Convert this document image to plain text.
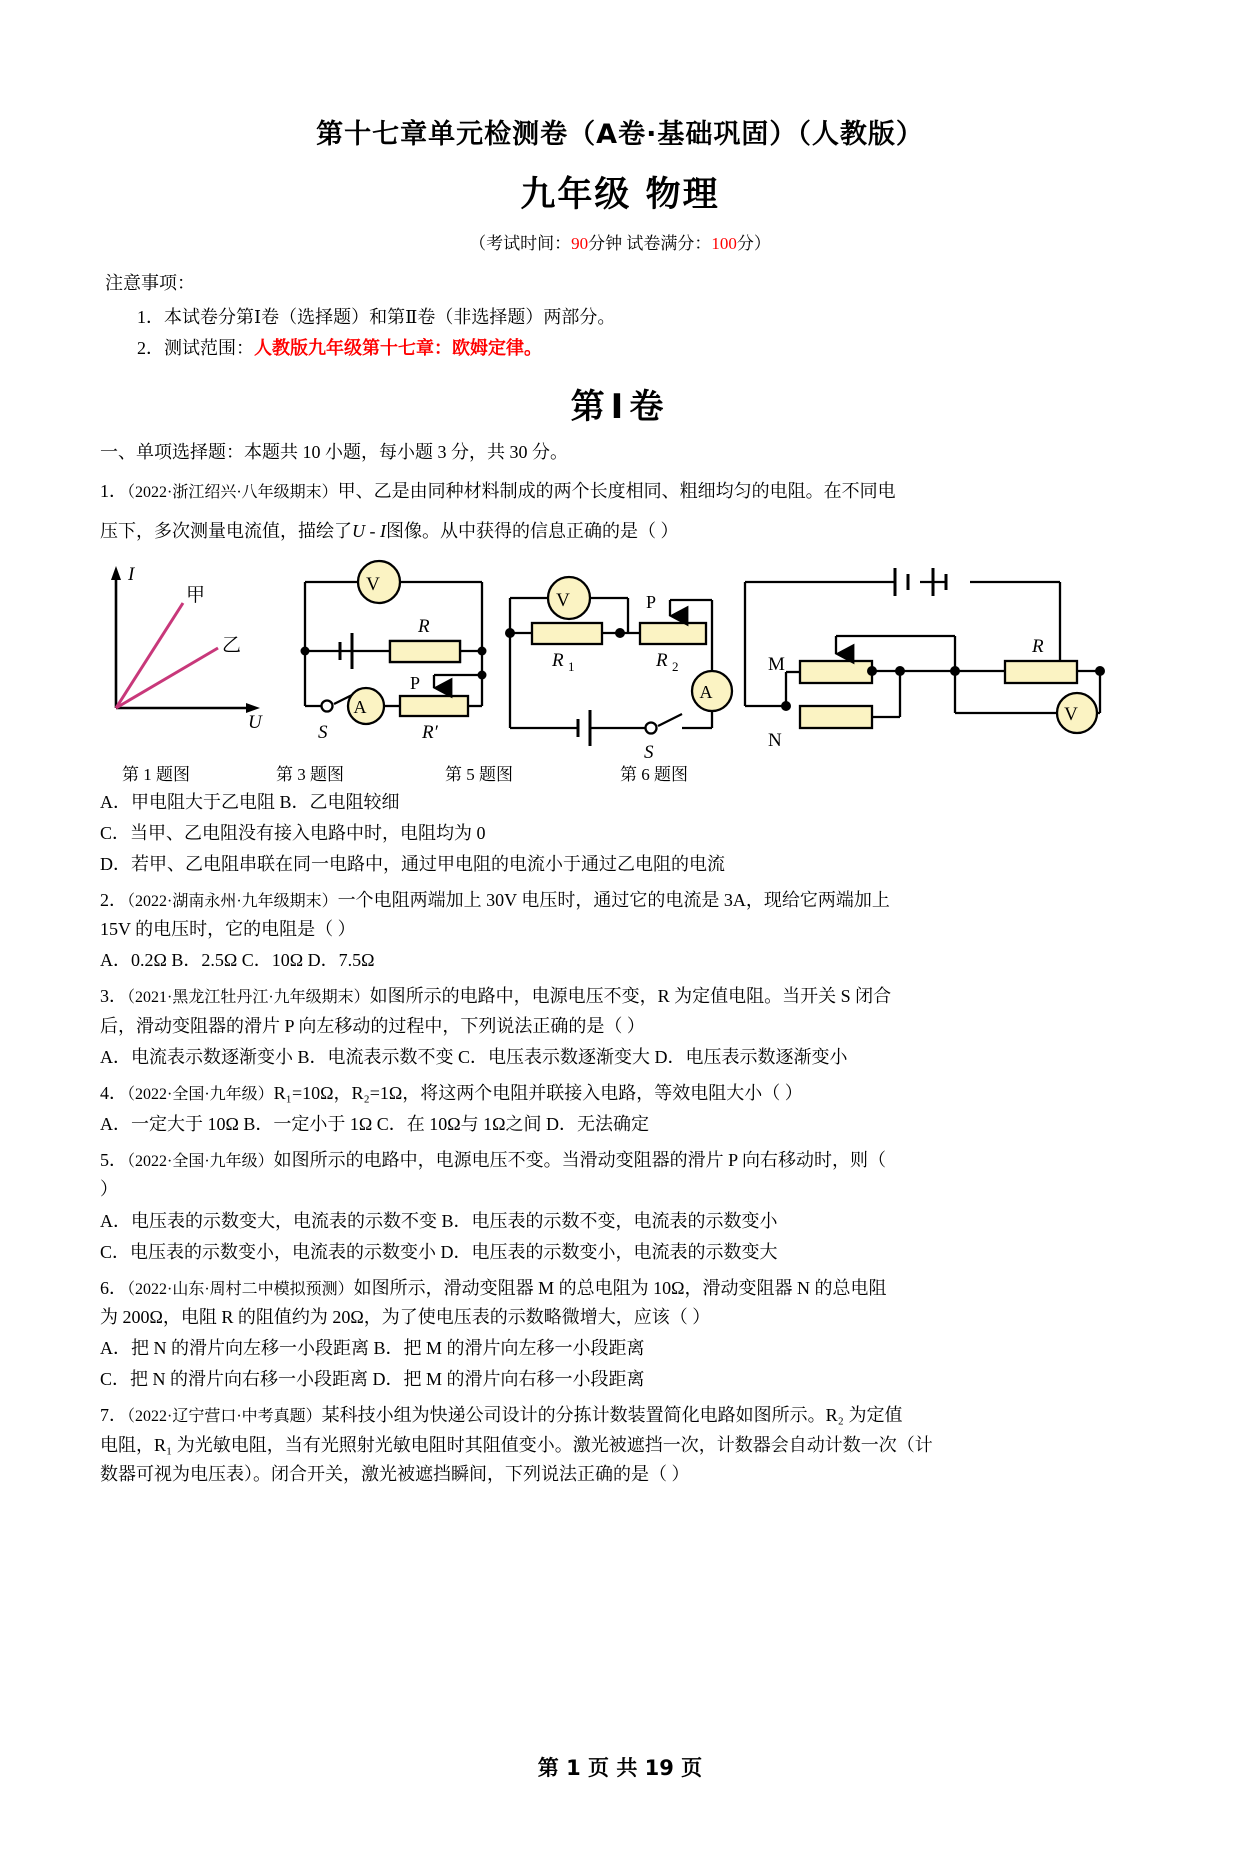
第十七章单元检测卷（A卷·基础巩固）（人教版）
九年级 物理
（考试时间：90分钟 试卷满分：100分）
注意事项：
1．本试卷分第Ⅰ卷（选择题）和第Ⅱ卷（非选择题）两部分。
2．测试范围：人教版九年级第十七章：欧姆定律。
第Ⅰ卷
一、单项选择题：本题共 10 小题，每小题 3 分，共 30 分。
1．（2022·浙江绍兴·八年级期末）甲、乙是由同种材料制成的两个长度相同、粗细均匀的电阻。在不同电
压下，多次测量电流值，描绘了U - I图像。从中获得的信息正确的是（ ）
I
U
甲
乙
V
A
R
R′
P
S
V
A
R 1	R 2
P
S
M
N
R
V
第 1 题图	第 3 题图	第 5 题图	第 6 题图
A．甲电阻大于乙电阻 B．乙电阻较细
C．当甲、乙电阻没有接入电路中时，电阻均为 0
D．若甲、乙电阻串联在同一电路中，通过甲电阻的电流小于通过乙电阻的电流
2．（2022·湖南永州·九年级期末）一个电阻两端加上 30V 电压时，通过它的电流是 3A，现给它两端加上
15V 的电压时，它的电阻是（ ）
A．0.2Ω B．2.5Ω C．10Ω D．7.5Ω
3．（2021·黑龙江牡丹江·九年级期末）如图所示的电路中，电源电压不变，R 为定值电阻。当开关 S 闭合
后，滑动变阻器的滑片 P 向左移动的过程中，下列说法正确的是（ ）
A．电流表示数逐渐变小 B．电流表示数不变 C．电压表示数逐渐变大 D．电压表示数逐渐变小
4．（2022·全国·九年级）R₁=10Ω，R₂=1Ω，将这两个电阻并联接入电路，等效电阻大小（ ）
A．一定大于 10Ω B．一定小于 1Ω C．在 10Ω与 1Ω之间 D．无法确定
5．（2022·全国·九年级）如图所示的电路中，电源电压不变。当滑动变阻器的滑片 P 向右移动时，则（
）
A．电压表的示数变大，电流表的示数不变 B．电压表的示数不变，电流表的示数变小
C．电压表的示数变小，电流表的示数变小 D．电压表的示数变小，电流表的示数变大
6．（2022·山东·周村二中模拟预测）如图所示，滑动变阻器 M 的总电阻为 10Ω，滑动变阻器 N 的总电阻
为 200Ω，电阻 R 的阻值约为 20Ω，为了使电压表的示数略微增大，应该（ ）
A．把 N 的滑片向左移一小段距离 B．把 M 的滑片向左移一小段距离
C．把 N 的滑片向右移一小段距离 D．把 M 的滑片向右移一小段距离
7．（2022·辽宁营口·中考真题）某科技小组为快递公司设计的分拣计数装置简化电路如图所示。R₂ 为定值
电阻，R₁ 为光敏电阻，当有光照射光敏电阻时其阻值变小。激光被遮挡一次，计数器会自动计数一次（计
数器可视为电压表）。闭合开关，激光被遮挡瞬间，下列说法正确的是（ ）
第 1 页 共 19 页
